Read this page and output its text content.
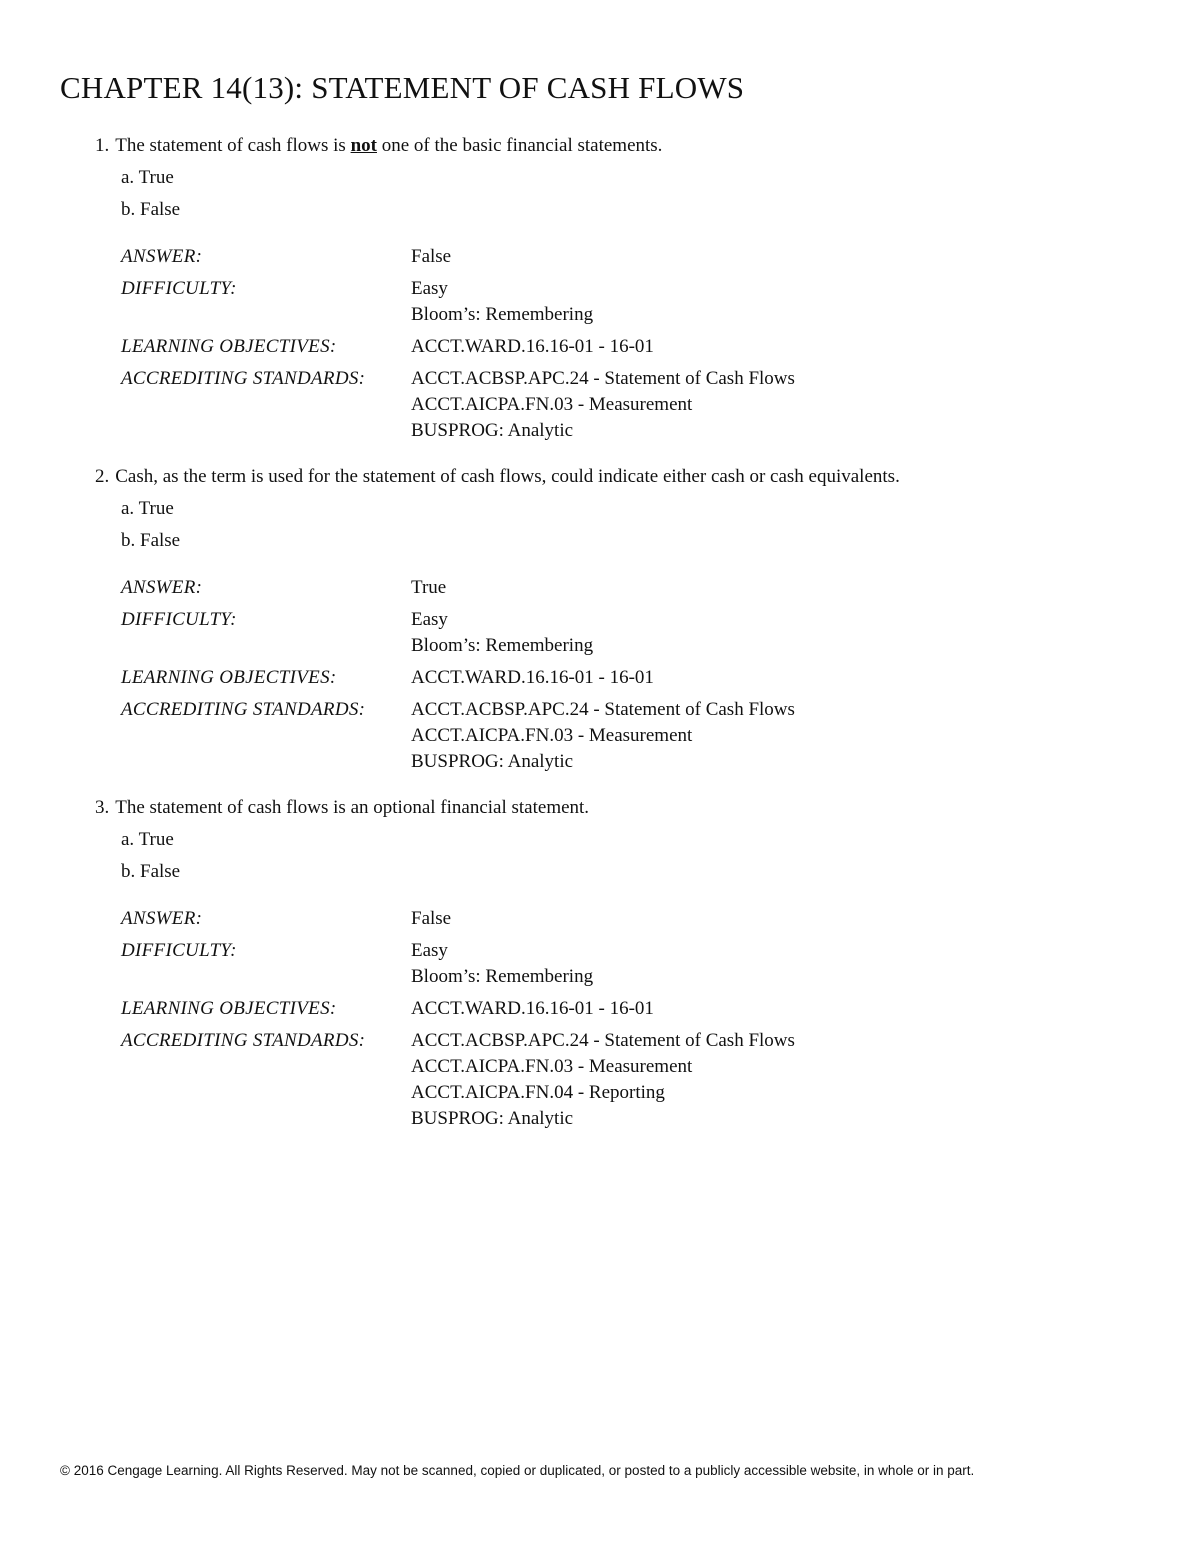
CHAPTER 14(13): STATEMENT OF CASH FLOWS

1. The statement of cash flows is not one of the basic financial statements.

a. True
b. False
ANSWER:	False
DIFFICULTY:	Easy
Bloom’s: Remembering
LEARNING OBJECTIVES:	ACCT.WARD.16.16-01 - 16-01
ACCREDITING STANDARDS:	ACCT.ACBSP.APC.24 - Statement of Cash Flows
ACCT.AICPA.FN.03 - Measurement
BUSPROG: Analytic

2. Cash, as the term is used for the statement of cash flows, could indicate either cash or cash equivalents.

a. True
b. False
ANSWER:	True
DIFFICULTY:	Easy
Bloom’s: Remembering
LEARNING OBJECTIVES:	ACCT.WARD.16.16-01 - 16-01
ACCREDITING STANDARDS:	ACCT.ACBSP.APC.24 - Statement of Cash Flows
ACCT.AICPA.FN.03 - Measurement
BUSPROG: Analytic

3. The statement of cash flows is an optional financial statement.

a. True
b. False
ANSWER:	False
DIFFICULTY:	Easy
Bloom’s: Remembering
LEARNING OBJECTIVES:	ACCT.WARD.16.16-01 - 16-01
ACCREDITING STANDARDS:	ACCT.ACBSP.APC.24 - Statement of Cash Flows
ACCT.AICPA.FN.03 - Measurement
ACCT.AICPA.FN.04 - Reporting
BUSPROG: Analytic
© 2016 Cengage Learning. All Rights Reserved. May not be scanned, copied or duplicated, or posted to a publicly accessible website, in whole or in part.
